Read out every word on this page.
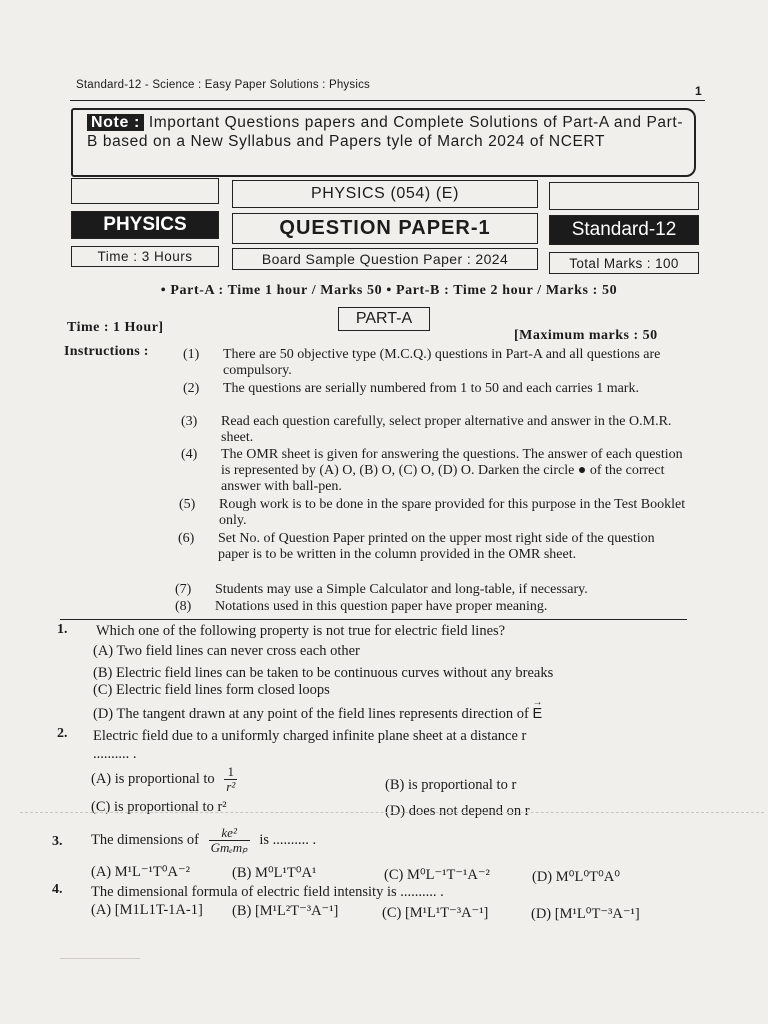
Standard-12 - Science : Easy Paper Solutions : Physics	1
Note : Important Questions papers and Complete Solutions of Part-A and Part-B based on a New Syllabus and Papers tyle of March 2024 of NCERT
PHYSICS (054) (E)
PHYSICS	QUESTION PAPER-1	Standard-12
Time : 3 Hours	Board Sample Question Paper : 2024	Total Marks : 100
• Part-A : Time 1 hour / Marks 50 • Part-B : Time 2 hour / Marks : 50
PART-A
Time : 1 Hour]
[Maximum marks : 50
Instructions : (1) There are 50 objective type (M.C.Q.) questions in Part-A and all questions are compulsory.
(2) The questions are serially numbered from 1 to 50 and each carries 1 mark.
(3) Read each question carefully, select proper alternative and answer in the O.M.R. sheet.
(4) The OMR sheet is given for answering the questions. The answer of each question is represented by (A) O, (B) O, (C) O, (D) O. Darken the circle ● of the correct answer with ball-pen.
(5) Rough work is to be done in the spare provided for this purpose in the Test Booklet only.
(6) Set No. of Question Paper printed on the upper most right side of the question paper is to be written in the column provided in the OMR sheet.
(7) Students may use a Simple Calculator and long-table, if necessary.
(8) Notations used in this question paper have proper meaning.
1. Which one of the following property is not true for electric field lines?
(A) Two field lines can never cross each other
(B) Electric field lines can be taken to be continuous curves without any breaks
(C) Electric field lines form closed loops
(D) The tangent drawn at any point of the field lines represents direction of → E
2. Electric field due to a uniformly charged infinite plane sheet at a distance r
.......... .
(A) is proportional to $\frac{1}{\text{r²}}$	(B) is proportional to r
(C) is proportional to r²	(D) does not depend on r
3. The dimensions of $\frac{\text{ke²}}{\text{Gmₑmₚ}}$ is .......... .
(A) M¹L⁻¹T⁰A⁻²	(B) M⁰L¹T⁰A¹	(C) M⁰L⁻¹T⁻¹A⁻²	(D) M⁰L⁰T⁰A⁰
4. The dimensional formula of electric field intensity is .......... .
(A) [M1L1T-1A-1] (B) [M¹L²T⁻³A⁻¹]	(C) [M¹L¹T⁻³A⁻¹]	(D) [M¹L⁰T⁻³A⁻¹]
